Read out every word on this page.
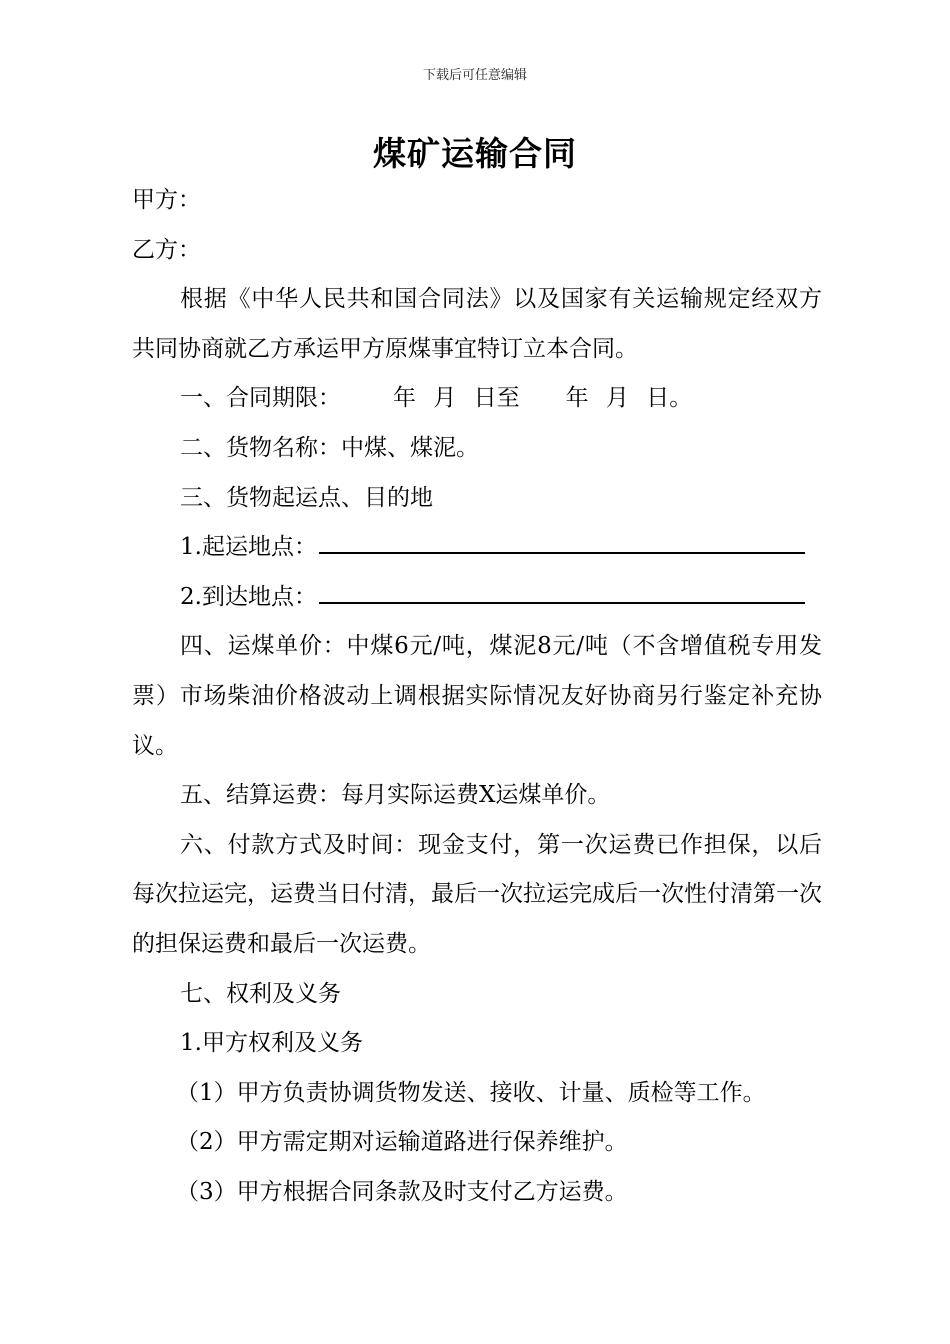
下载后可任意编辑
煤矿运输合同
甲方：
乙方：
根据《中华人民共和国合同法》以及国家有关运输规定经双方共同协商就乙方承运甲方原煤事宜特订立本合同。
一、合同期限： 年 月 日至 年 月 日。
二、货物名称：中煤、煤泥。
三、货物起运点、目的地
1.起运地点：
2.到达地点：
四、运煤单价：中煤6元/吨，煤泥8元/吨（不含增值税专用发票）市场柴油价格波动上调根据实际情况友好协商另行鉴定补充协议。
五、结算运费：每月实际运费X运煤单价。
六、付款方式及时间：现金支付，第一次运费已作担保，以后每次拉运完，运费当日付清，最后一次拉运完成后一次性付清第一次的担保运费和最后一次运费。
七、权利及义务
1.甲方权利及义务
（1）甲方负责协调货物发送、接收、计量、质检等工作。
（2）甲方需定期对运输道路进行保养维护。
（3）甲方根据合同条款及时支付乙方运费。
